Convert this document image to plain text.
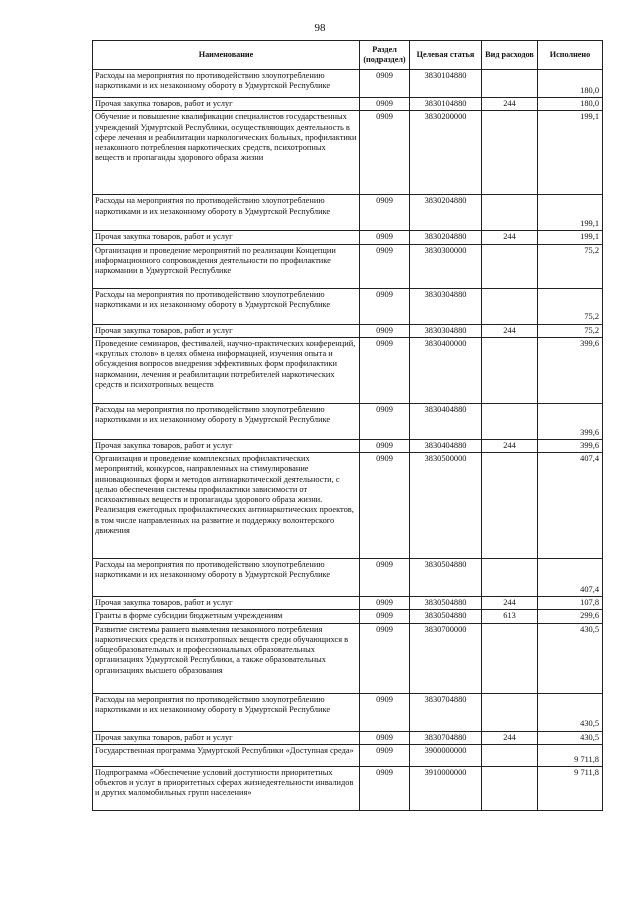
98
Наименование	Раздел (подраздел)	Целевая статья	Вид расходов	Исполнено
Расходы на мероприятия по противодействию злоупотреблению наркотиками и их незаконному обороту в Удмуртской Республике	0909	3830104880		180,0
Прочая закупка товаров, работ и услуг	0909	3830104880	244	180,0
Обучение и повышение квалификации специалистов государственных учреждений Удмуртской Республики, осуществляющих деятельность в сфере лечения и реабилитации наркологических больных, профилактики незаконного потребления наркотических средств, психотропных веществ и пропаганды здорового образа жизни	0909	3830200000		199,1
Расходы на мероприятия по противодействию злоупотреблению наркотиками и их незаконному обороту в Удмуртской Республике	0909	3830204880		199,1
Прочая закупка товаров, работ и услуг	0909	3830204880	244	199,1
Организация и проведение мероприятий по реализации Концепции информационного сопровождения деятельности по профилактике наркомании в Удмуртской Республике	0909	3830300000		75,2
Расходы на мероприятия по противодействию злоупотреблению наркотиками и их незаконному обороту в Удмуртской Республике	0909	3830304880		75,2
Прочая закупка товаров, работ и услуг	0909	3830304880	244	75,2
Проведение семинаров, фестивалей, научно-практических конференций, «круглых столов» в целях обмена информацией, изучения опыта и обсуждения вопросов внедрения эффективных форм профилактики наркомании, лечения и реабилитации потребителей наркотических средств и психотропных веществ	0909	3830400000		399,6
Расходы на мероприятия по противодействию злоупотреблению наркотиками и их незаконному обороту в Удмуртской Республике	0909	3830404880		399,6
Прочая закупка товаров, работ и услуг	0909	3830404880	244	399,6
Организация и проведение комплексных профилактических мероприятий, конкурсов, направленных на стимулирование инновационных форм и методов антинаркотической деятельности, с целью обеспечения системы профилактики зависимости от психоактивных веществ и пропаганды здорового образа жизни. Реализация ежегодных профилактических антинаркотических проектов, в том числе направленных на развитие и поддержку волонтерского движения	0909	3830500000		407,4
Расходы на мероприятия по противодействию злоупотреблению наркотиками и их незаконному обороту в Удмуртской Республике	0909	3830504880		407,4
Прочая закупка товаров, работ и услуг	0909	3830504880	244	107,8
Гранты в форме субсидии бюджетным учреждениям	0909	3830504880	613	299,6
Развитие системы раннего выявления незаконного потребления наркотических средств и психотропных веществ среди обучающихся в общеобразовательных и профессиональных образовательных организациях Удмуртской Республики, а также образовательных организациях высшего образования	0909	3830700000		430,5
Расходы на мероприятия по противодействию злоупотреблению наркотиками и их незаконному обороту в Удмуртской Республике	0909	3830704880		430,5
Прочая закупка товаров, работ и услуг	0909	3830704880	244	430,5
Государственная программа Удмуртской Республики «Доступная среда»	0909	3900000000		9 711,8
Подпрограмма «Обеспечение условий доступности приоритетных объектов и услуг в приоритетных сферах жизнедеятельности инвалидов и других маломобильных групп населения»	0909	3910000000		9 711,8
